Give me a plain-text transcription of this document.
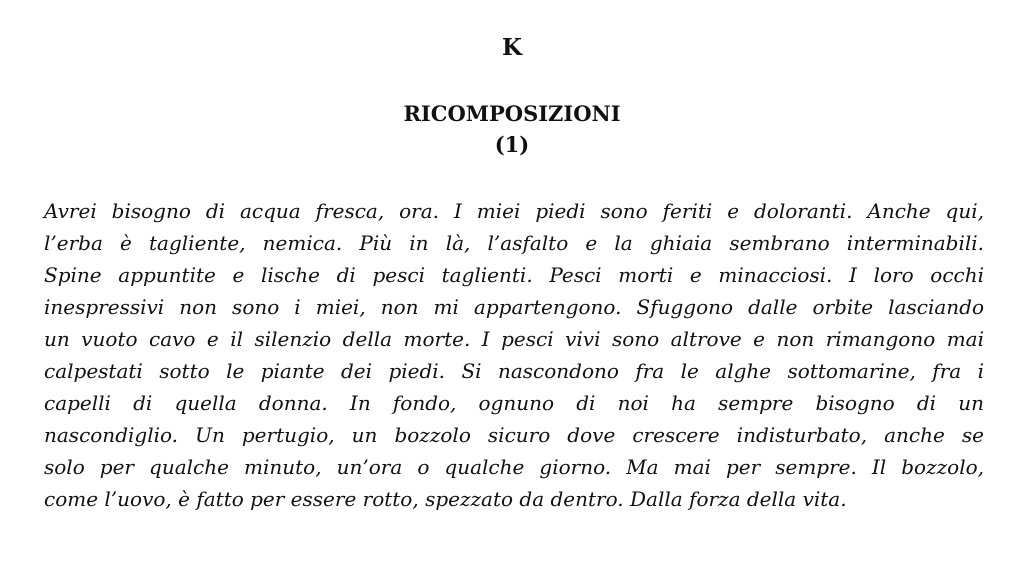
K
RICOMPOSIZIONI
(1)
Avrei bisogno di acqua fresca, ora. I miei piedi sono feriti e doloranti. Anche qui,
l’erba è tagliente, nemica. Più in là, l’asfalto e la ghiaia sembrano interminabili.
Spine appuntite e lische di pesci taglienti. Pesci morti e minacciosi. I loro occhi
inespressivi non sono i miei, non mi appartengono. Sfuggono dalle orbite lasciando
un vuoto cavo e il silenzio della morte. I pesci vivi sono altrove e non rimangono mai
calpestati sotto le piante dei piedi. Si nascondono fra le alghe sottomarine, fra i
capelli di quella donna. In fondo, ognuno di noi ha sempre bisogno di un
nascondiglio. Un pertugio, un bozzolo sicuro dove crescere indisturbato, anche se
solo per qualche minuto, un’ora o qualche giorno. Ma mai per sempre. Il bozzolo,
come l’uovo, è fatto per essere rotto, spezzato da dentro. Dalla forza della vita.
